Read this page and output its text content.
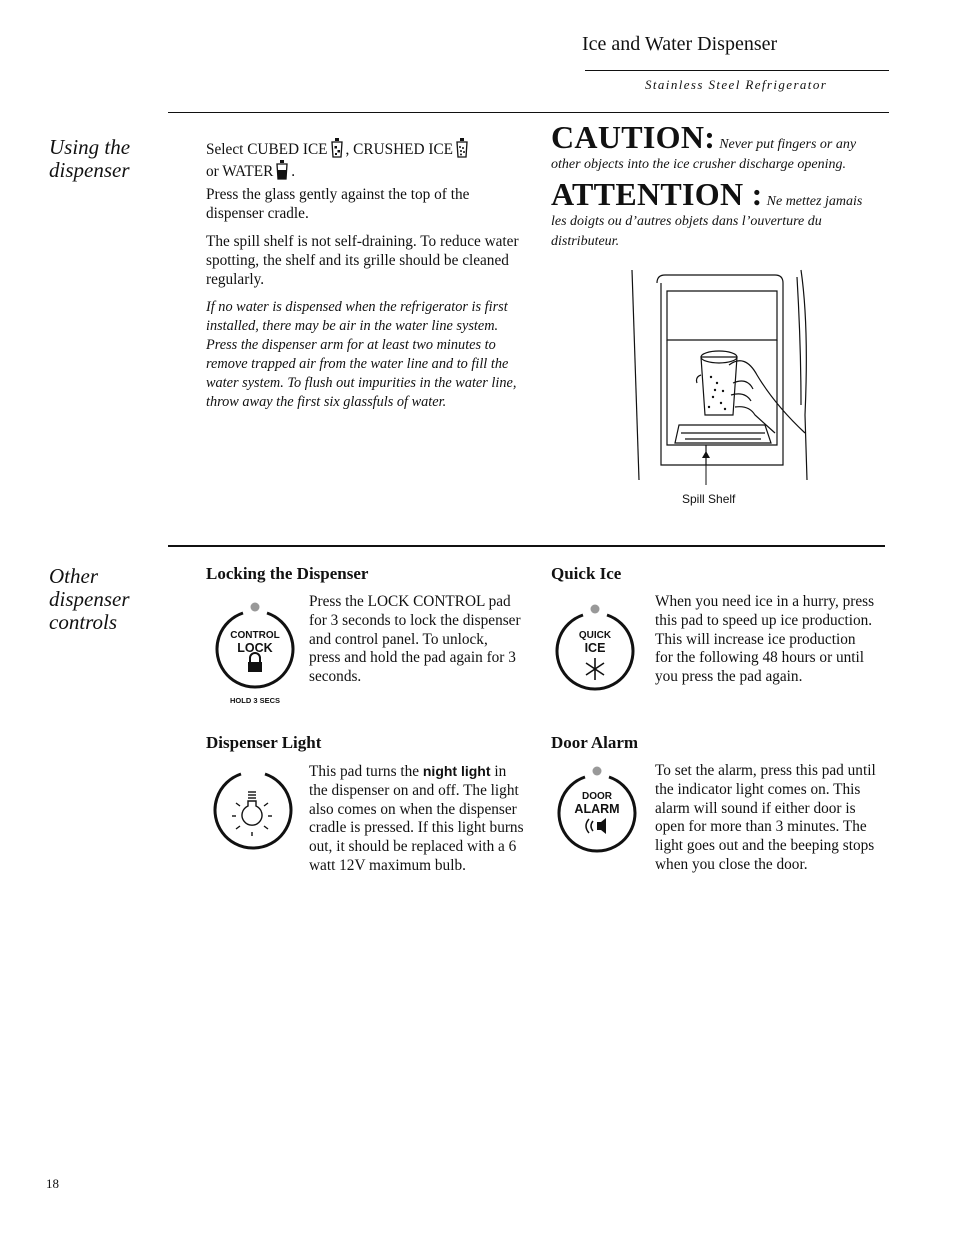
Ice and Water Dispenser
Stainless Steel Refrigerator
Using the
dispenser
Select CUBED ICE , CRUSHED ICE
or WATER .
Press the glass gently against the top of the dispenser cradle.
The spill shelf is not self-draining. To reduce water spotting, the shelf and its grille should be cleaned regularly.
If no water is dispensed when the refrigerator is first installed, there may be air in the water line system. Press the dispenser arm for at least two minutes to remove trapped air from the water line and to fill the water system. To flush out impurities in the water line, throw away the first six glassfuls of water.
CAUTION: Never put fingers or any other objects into the ice crusher discharge opening.
ATTENTION : Ne mettez jamais les doigts ou d’autres objets dans l’ouverture du distributeur.
Spill Shelf
Other
dispenser
controls
Locking the Dispenser
CONTROL
LOCK
HOLD 3 SECS
Press the LOCK CONTROL pad for 3 seconds to lock the dispenser and control panel. To unlock, press and hold the pad again for 3 seconds.
Quick Ice
QUICK
ICE
When you need ice in a hurry, press this pad to speed up ice production. This will increase ice production for the following 48 hours or until you press the pad again.
Dispenser Light
This pad turns the night light in the dispenser on and off. The light also comes on when the dispenser cradle is pressed. If this light burns out, it should be replaced with a 6 watt 12V maximum bulb.
Door Alarm
DOOR
ALARM
To set the alarm, press this pad until the indicator light comes on. This alarm will sound if either door is open for more than 3 minutes. The light goes out and the beeping stops when you close the door.
18
